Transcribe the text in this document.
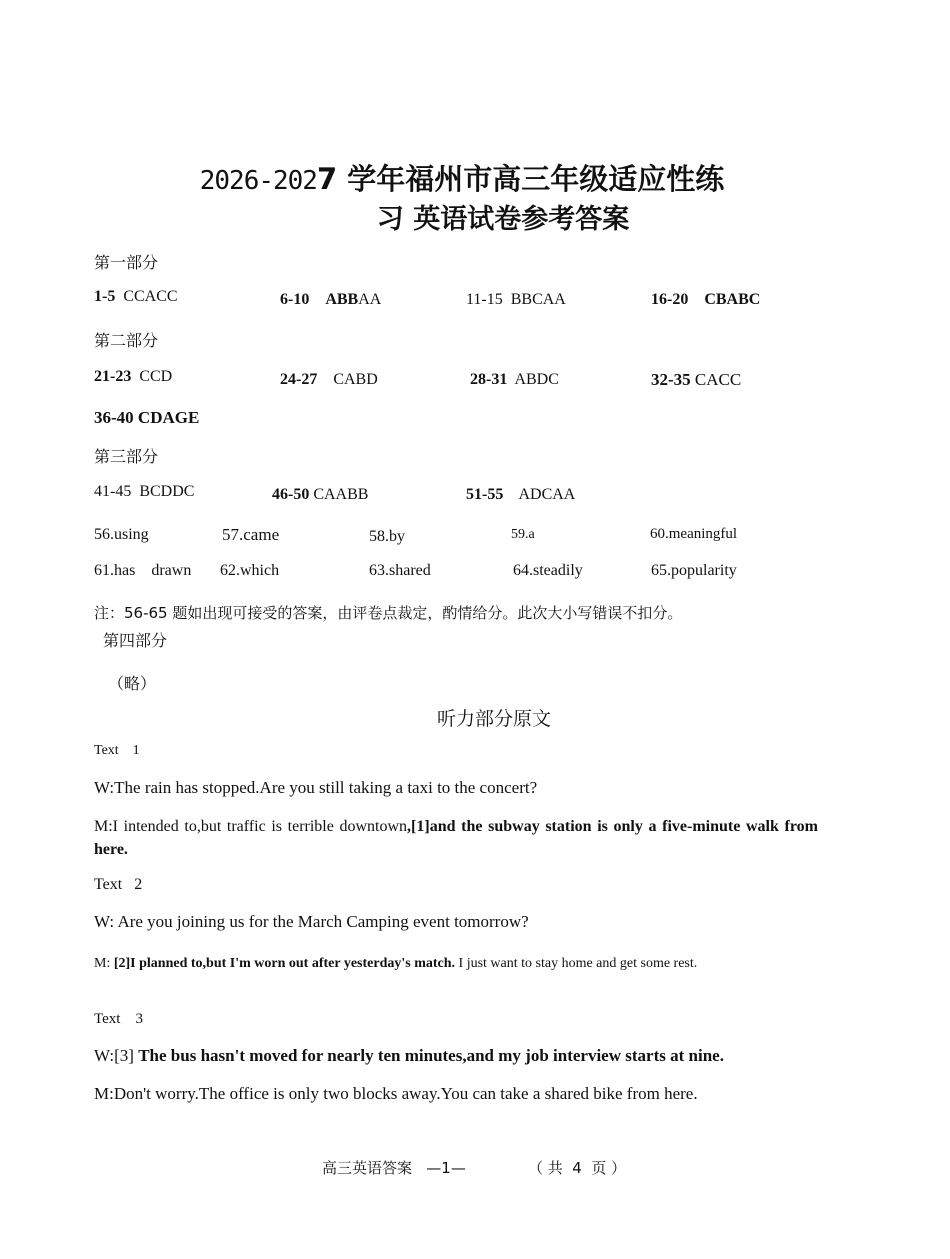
2026-2027 学年福州市高三年级适应性练
习 英语试卷参考答案
第一部分
1-5 CCACC	6-10 ABBAA	11-15 BBCAA	16-20 CBABC
第二部分
21-23 CCD	24-27 CABD	28-31 ABDC	32-35 CACC
36-40 CDAGE
第三部分
41-45 BCDDC	46-50 CAABB	51-55 ADCAA
56.using	57.came	58.by	59.a	60.meaningful
61.has    drawn 62.which	63.shared	64.steadily	65.popularity
注：56-65 题如出现可接受的答案，由评卷点裁定，酌情给分。此次大小写错误不扣分。
第四部分
（略）
听力部分原文
Text    1
W:The rain has stopped.Are you still taking a taxi to the concert?
M:I intended to,but traffic is terrible downtown,[1]and the subway station is only a five-minute walk from here.
Text   2
W: Are you joining us for the March Camping event tomorrow?
M: [2]I planned to,but I'm worn out after yesterday's match. I just want to stay home and get some rest.
Text    3
W:[3] The bus hasn't moved for nearly ten minutes,and my job interview starts at nine.
M:Don't worry.The office is only two blocks away.You can take a shared bike from here.
高三英语答案   —1—	（ 共  4  页 ）
